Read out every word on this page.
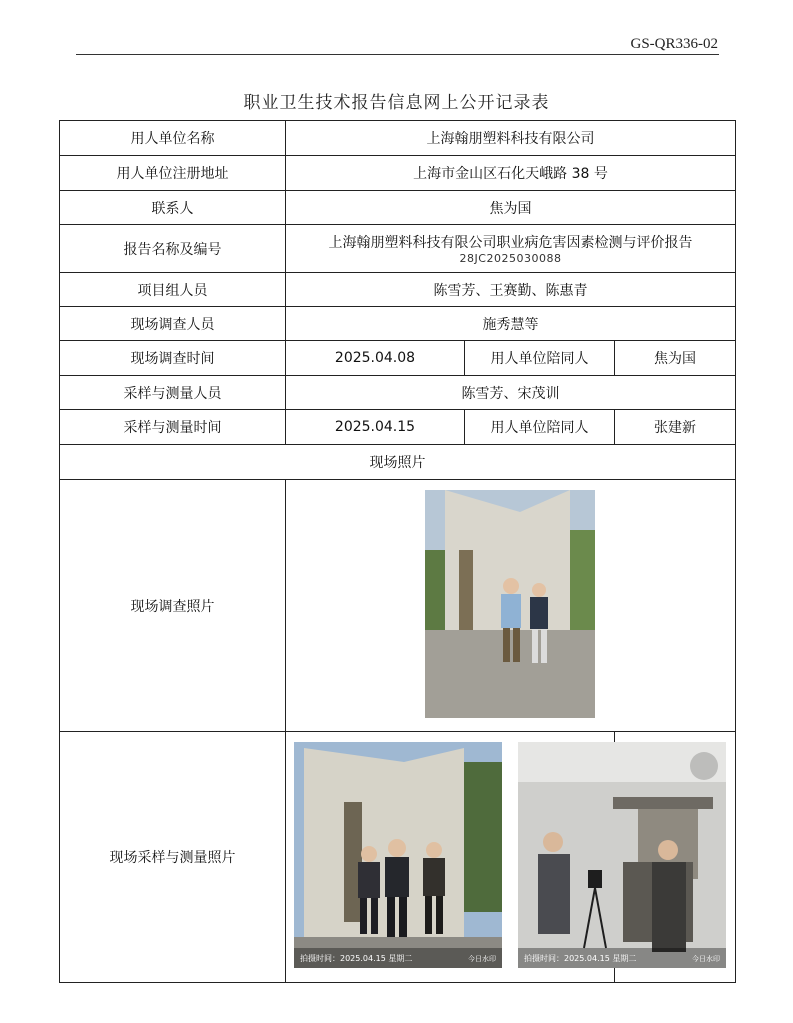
GS-QR336-02
职业卫生技术报告信息网上公开记录表
用人单位名称	上海翰朋塑料科技有限公司		
用人单位注册地址	上海市金山区石化天峨路 38 号		
联系人	焦为国		
报告名称及编号	上海翰朋塑料科技有限公司职业病危害因素检测与评价报告
28JC2025030088		

项目组人员	陈雪芳、王赛勤、陈惠青		
现场调查人员	施秀慧等		
现场调查时间	2025.04.08	用人单位陪同人	焦为国
采样与测量人员	陈雪芳、宋茂训		
采样与测量时间	2025.04.15	用人单位陪同人	张建新
现场照片			
现场调查照片	

现场采样与测量照片	拍摄时间：2025.04.15 星期二 今日水印		
		拍摄时间：2025.04.15 星期二	今日水印
